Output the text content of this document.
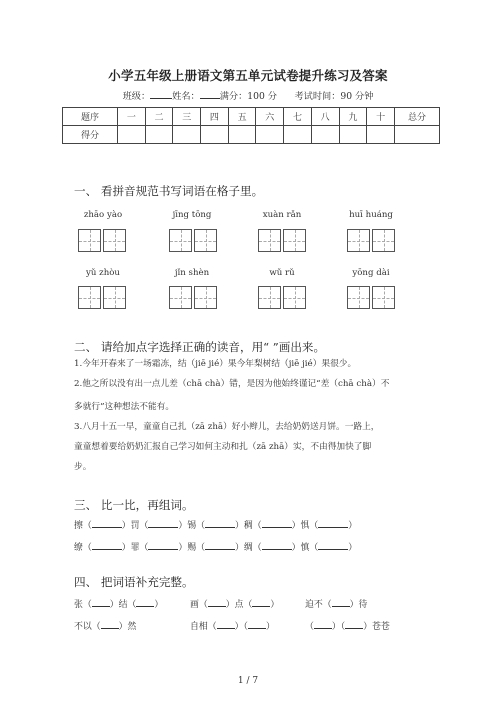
小学五年级上册语文第五单元试卷提升练习及答案
班级： 姓名： 满分：100 分 考试时间：90 分钟
题序	一	二	三	四	五	六	七	八	九	十	总分
得分											
一、 看拼音规范书写词语在格子里。
zhāo yào	jīng tōng	xuàn rǎn	huī huáng
yǔ zhòu	jǐn shèn	wǔ rǔ	yōng dài
二、 请给加点字选择正确的读音，用“ ”画出来。
1.今年开春来了一场霜冻，结（jiē jié）果今年梨树结（jiē jié）果很少。
2.他之所以没有出一点儿差（chā chà）错，是因为他始终谨记“差（chā chà）不
多就行”这种想法不能有。
3.八月十五一早，童童自己扎（zā zhā）好小辫儿，去给奶奶送月饼。一路上，
童童想着要给奶奶汇报自己学习如何主动和扎（zā zhā）实，不由得加快了脚
步。
三、 比一比，再组词。
擦（	）罚（	）锡（	）稠（	）惧（	）
缭（	）罪（	）赐（	）绸（	）慎（	）
四、 把词语补充完整。
张（ ）结（ ）	画（ ）点（ ）	迫不（ ）待
不以（ ）然	自相（ ）（ ）	（ ）（ ）苍苍
1 / 7
